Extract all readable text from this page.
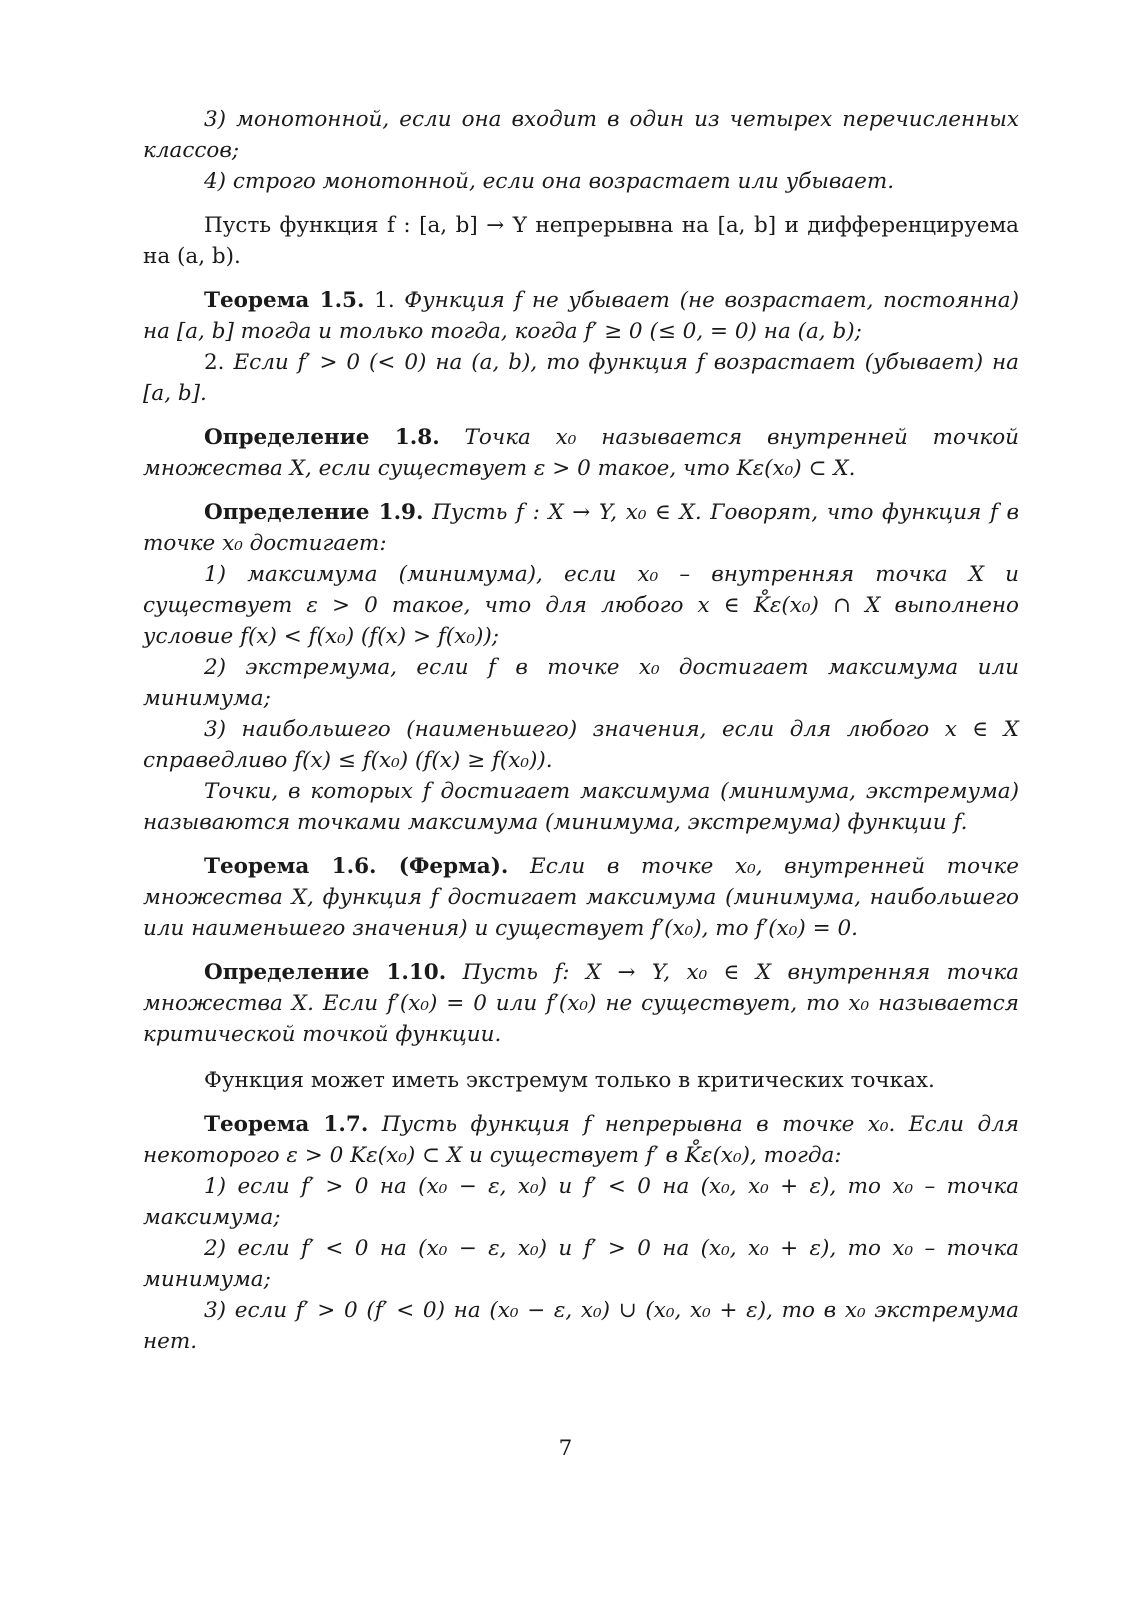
3) монотонной, если она входит в один из четырех перечисленных классов;

4) строго монотонной, если она возрастает или убывает.

Пусть функция f : [a, b] → Y непрерывна на [a, b] и дифференцируема на (a, b).

Теорема 1.5. 1. Функция f не убывает (не возрастает, постоянна) на [a, b] тогда и только тогда, когда f′ ≥ 0 (≤ 0, = 0) на (a, b);

2. Если f′ > 0 (< 0) на (a, b), то функция f возрастает (убывает) на [a, b].

Определение 1.8. Точка x₀ называется внутренней точкой множества X, если существует ε > 0 такое, что Kε(x₀) ⊂ X.

Определение 1.9. Пусть f : X → Y, x₀ ∈ X. Говорят, что функция f в точке x₀ достигает:

1) максимума (минимума), если x₀ – внутренняя точка X и существует ε > 0 такое, что для любого x ∈ K̊ε(x₀) ∩ X выполнено условие f(x) < f(x₀) (f(x) > f(x₀));

2) экстремума, если f в точке x₀ достигает максимума или минимума;

3) наибольшего (наименьшего) значения, если для любого x ∈ X справедливо f(x) ≤ f(x₀) (f(x) ≥ f(x₀)).

Точки, в которых f достигает максимума (минимума, экстремума) называются точками максимума (минимума, экстремума) функции f.

Теорема 1.6. (Ферма). Если в точке x₀, внутренней точке множества X, функция f достигает максимума (минимума, наибольшего или наименьшего значения) и существует f′(x₀), то f′(x₀) = 0.

Определение 1.10. Пусть f: X → Y, x₀ ∈ X внутренняя точка множества X. Если f′(x₀) = 0 или f′(x₀) не существует, то x₀ называется критической точкой функции.

Функция может иметь экстремум только в критических точках.

Теорема 1.7. Пусть функция f непрерывна в точке x₀. Если для некоторого ε > 0 Kε(x₀) ⊂ X и существует f′ в K̊ε(x₀), тогда:

1) если f′ > 0 на (x₀ − ε, x₀) и f′ < 0 на (x₀, x₀ + ε), то x₀ – точка максимума;

2) если f′ < 0 на (x₀ − ε, x₀) и f′ > 0 на (x₀, x₀ + ε), то x₀ – точка минимума;

3) если f′ > 0 (f′ < 0) на (x₀ − ε, x₀) ∪ (x₀, x₀ + ε), то в x₀ экстремума нет.

7
